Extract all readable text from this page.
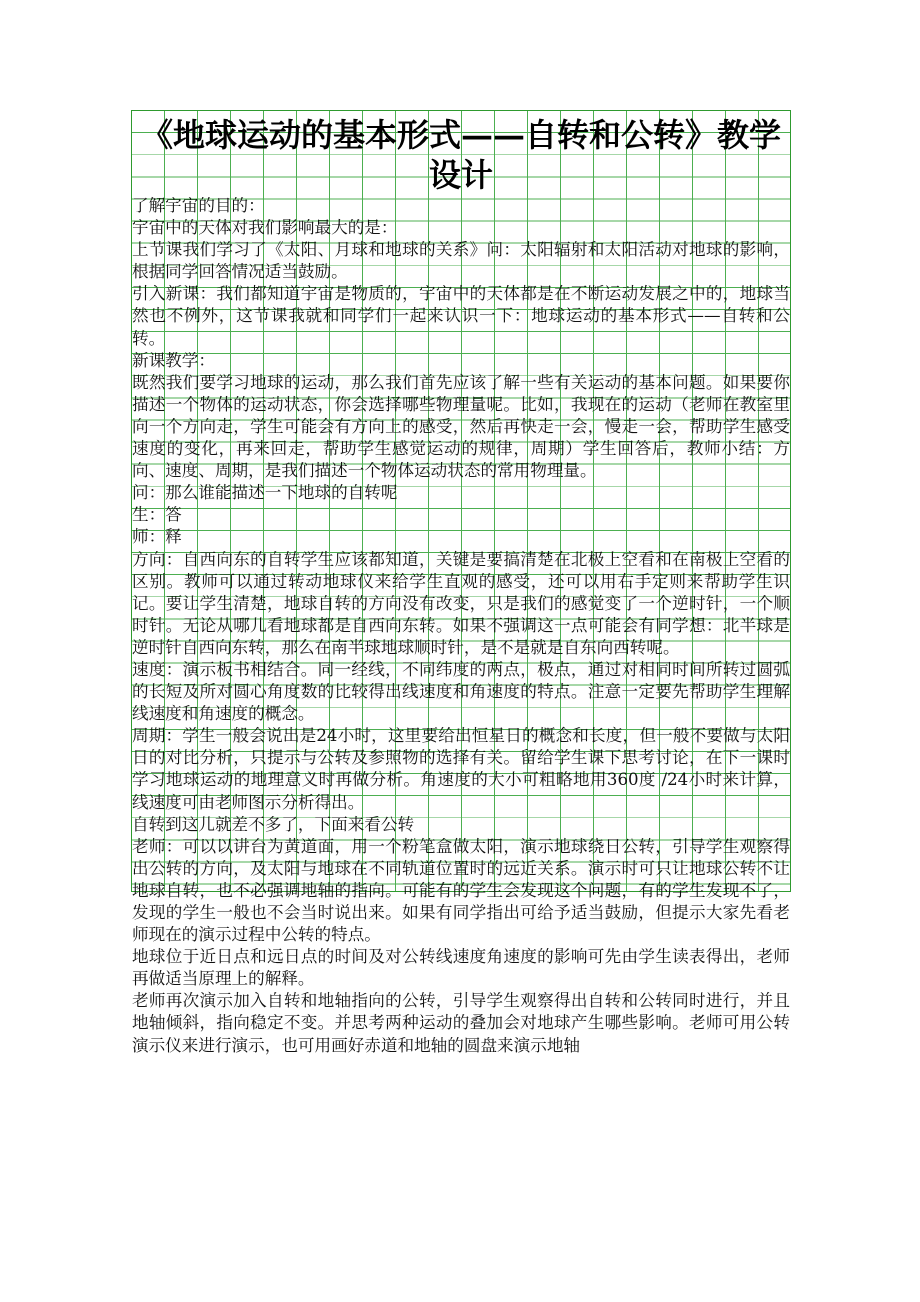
《地球运动的基本形式——自转和公转》教学设计

了解宇宙的目的：

宇宙中的天体对我们影响最大的是：

上节课我们学习了《太阳、月球和地球的关系》问：太阳辐射和太阳活动对地球的影响，根据同学回答情况适当鼓励。

引入新课：我们都知道宇宙是物质的，宇宙中的天体都是在不断运动发展之中的，地球当然也不例外，这节课我就和同学们一起来认识一下：地球运动的基本形式——自转和公转。

新课教学：

既然我们要学习地球的运动，那么我们首先应该了解一些有关运动的基本问题。如果要你描述一个物体的运动状态，你会选择哪些物理量呢。比如，我现在的运动（老师在教室里向一个方向走，学生可能会有方向上的感受，然后再快走一会，慢走一会，帮助学生感受速度的变化，再来回走，帮助学生感觉运动的规律，周期）学生回答后，教师小结：方向、速度、周期，是我们描述一个物体运动状态的常用物理量。

问：那么谁能描述一下地球的自转呢

生：答

师：释

方向：自西向东的自转学生应该都知道，关键是要搞清楚在北极上空看和在南极上空看的区别。教师可以通过转动地球仪来给学生直观的感受，还可以用右手定则来帮助学生识记。要让学生清楚，地球自转的方向没有改变，只是我们的感觉变了一个逆时针，一个顺时针。无论从哪儿看地球都是自西向东转。如果不强调这一点可能会有同学想：北半球是逆时针自西向东转，那么在南半球地球顺时针，是不是就是自东向西转呢。

速度：演示板书相结合。同一经线，不同纬度的两点，极点，通过对相同时间所转过圆弧的长短及所对圆心角度数的比较得出线速度和角速度的特点。注意一定要先帮助学生理解线速度和角速度的概念。

周期：学生一般会说出是24小时，这里要给出恒星日的概念和长度，但一般不要做与太阳日的对比分析，只提示与公转及参照物的选择有关。留给学生课下思考讨论，在下一课时学习地球运动的地理意义时再做分析。角速度的大小可粗略地用360度 /24小时来计算，线速度可由老师图示分析得出。

自转到这儿就差不多了，下面来看公转

老师：可以以讲台为黄道面，用一个粉笔盒做太阳，演示地球绕日公转，引导学生观察得出公转的方向，及太阳与地球在不同轨道位置时的远近关系。演示时可只让地球公转不让地球自转，也不必强调地轴的指向。可能有的学生会发现这个问题，有的学生发现不了，发现的学生一般也不会当时说出来。如果有同学指出可给予适当鼓励，但提示大家先看老师现在的演示过程中公转的特点。

地球位于近日点和远日点的时间及对公转线速度角速度的影响可先由学生读表得出，老师再做适当原理上的解释。

老师再次演示加入自转和地轴指向的公转，引导学生观察得出自转和公转同时进行，并且地轴倾斜，指向稳定不变。并思考两种运动的叠加会对地球产生哪些影响。老师可用公转演示仪来进行演示，也可用画好赤道和地轴的圆盘来演示地轴
